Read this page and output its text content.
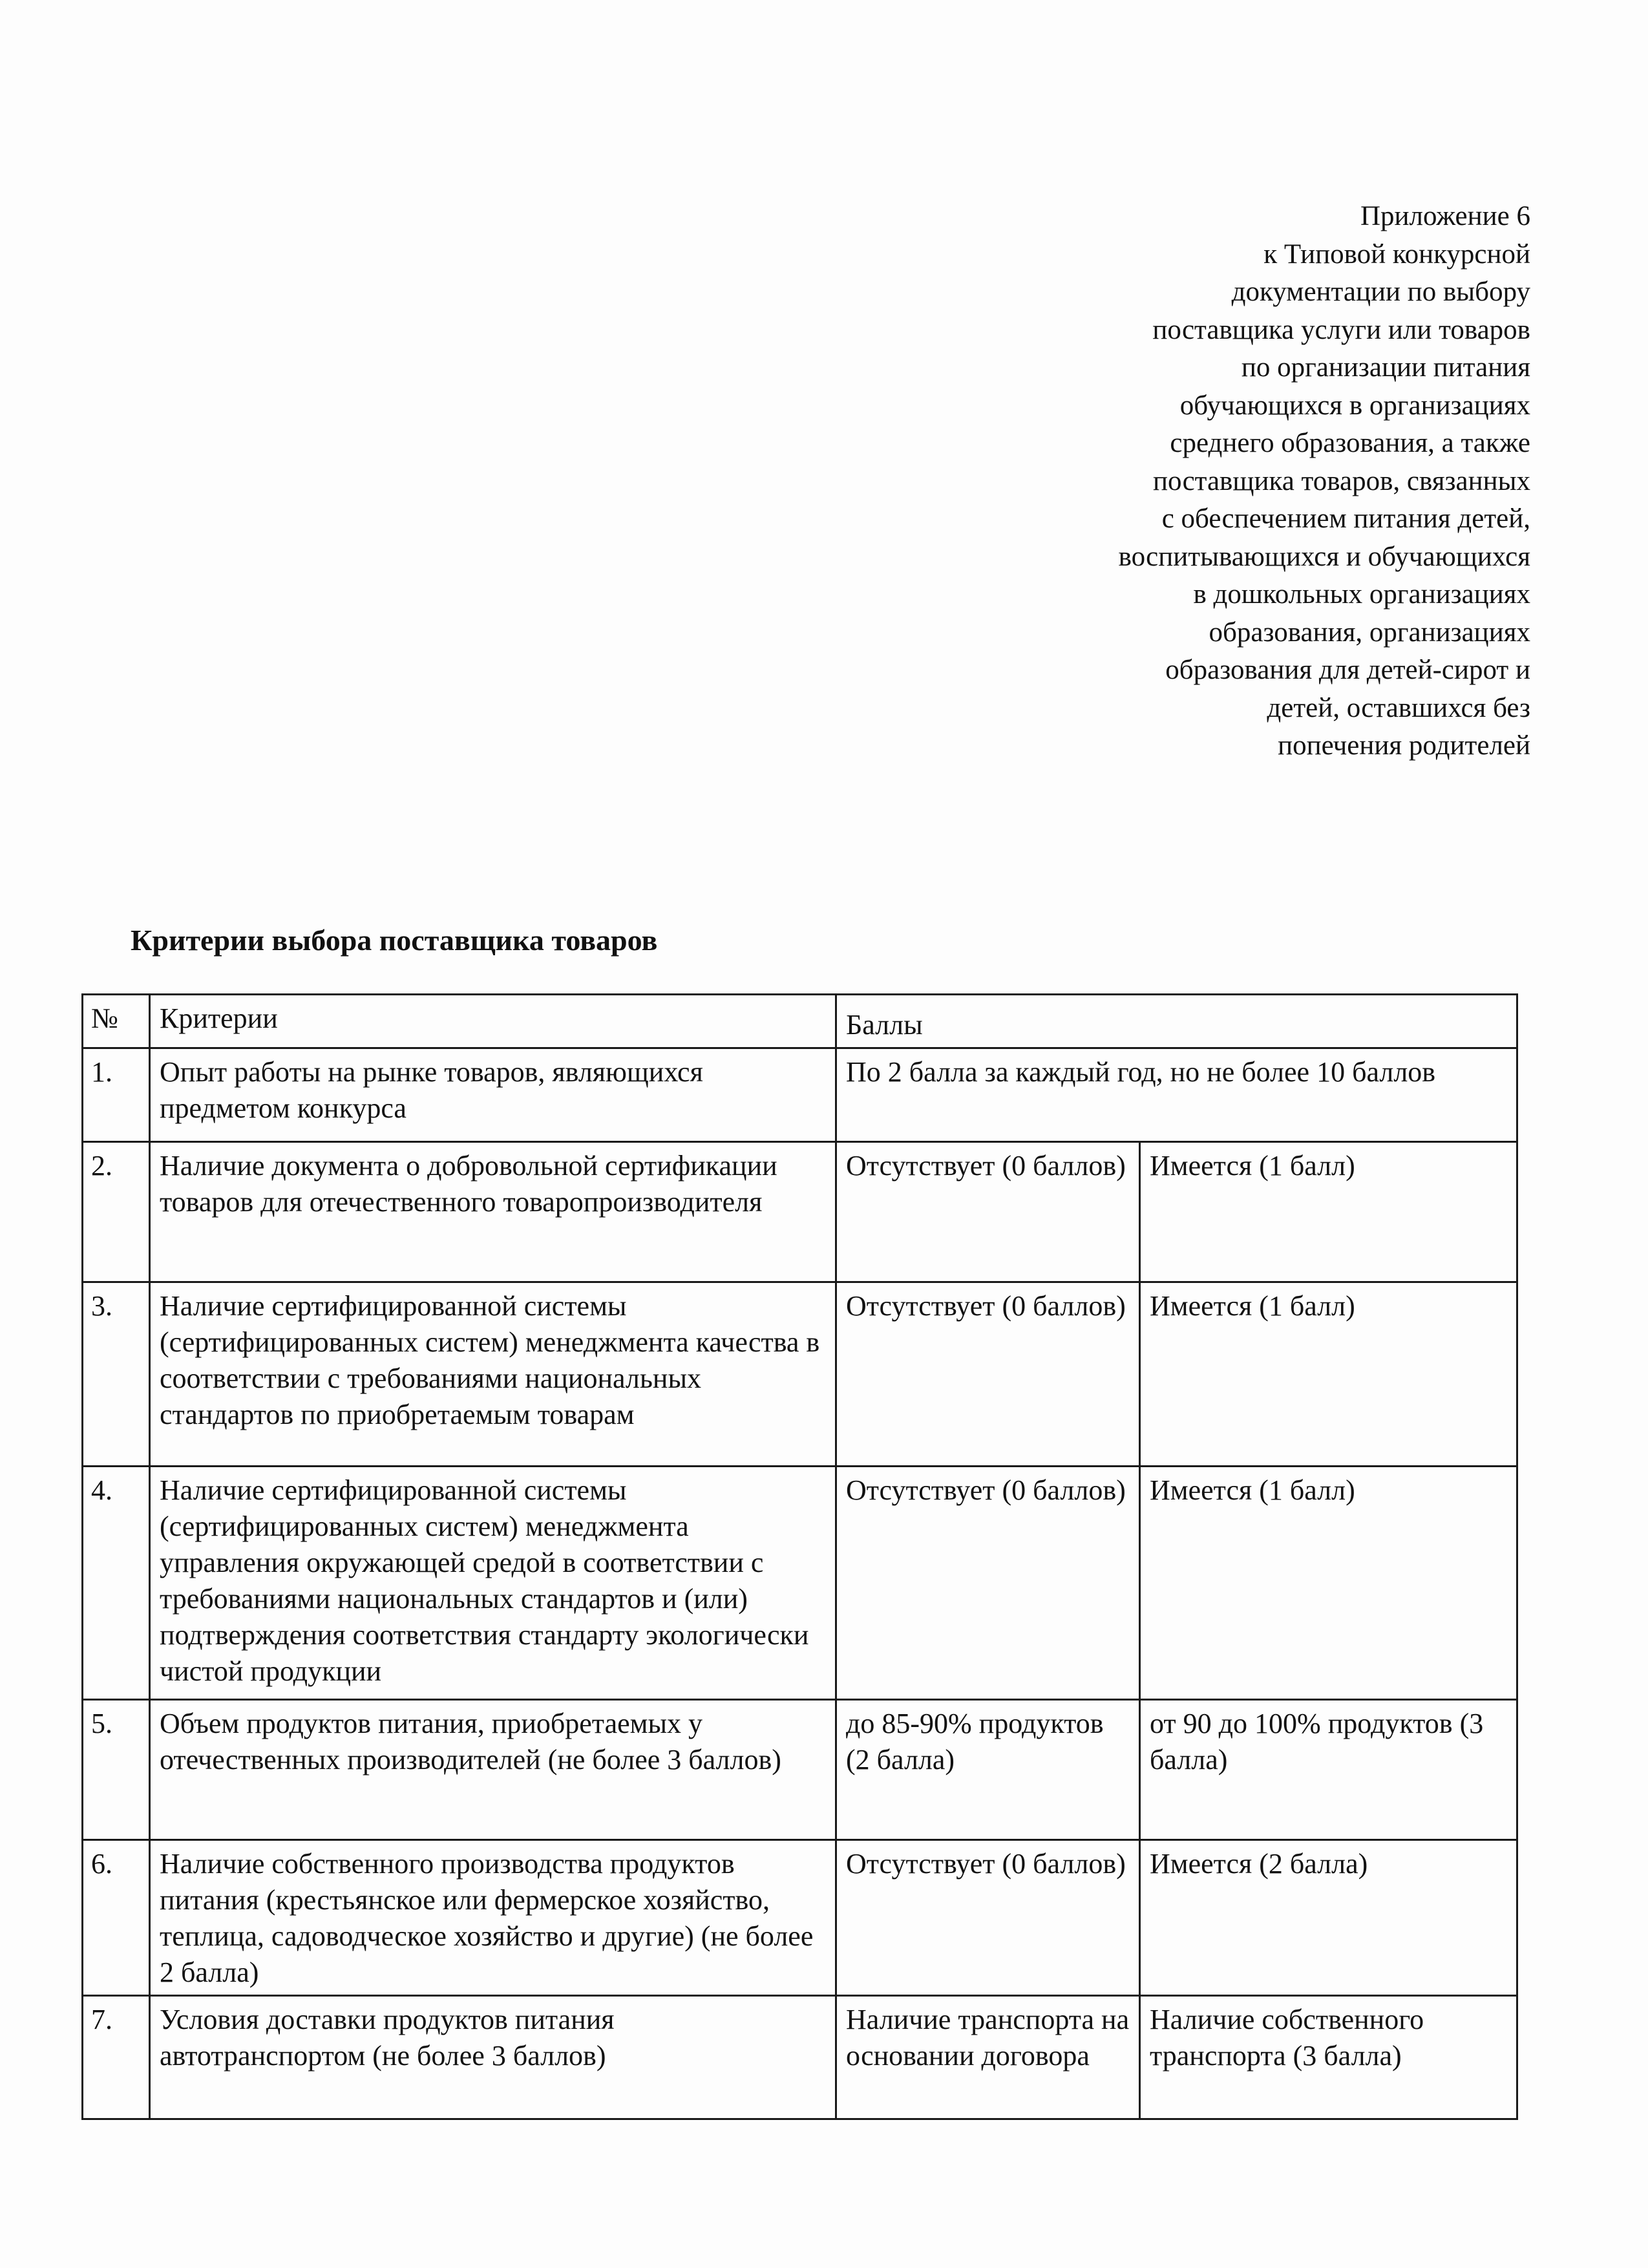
Приложение 6
к Типовой конкурсной
документации по выбору
поставщика услуги или товаров
по организации питания
обучающихся в организациях
среднего образования, а также
поставщика товаров, связанных
с обеспечением питания детей,
воспитывающихся и обучающихся
в дошкольных организациях
образования, организациях
образования для детей-сирот и
детей, оставшихся без
попечения родителей
Критерии выбора поставщика товаров
№	Критерии	Баллы	
1.	Опыт работы на рынке товаров, являющихся предметом конкурса	По 2 балла за каждый год, но не более 10 баллов	
2.	Наличие документа о добровольной сертификации товаров для отечественного товаропроизводителя	Отсутствует (0 баллов)	Имеется (1 балл)
3.	Наличие сертифицированной системы (сертифицированных систем) менеджмента качества в соответствии с требованиями национальных стандартов по приобретаемым товарам	Отсутствует (0 баллов)	Имеется (1 балл)
4.	Наличие сертифицированной системы (сертифицированных систем) менеджмента управления окружающей средой в соответствии с требованиями национальных стандартов и (или) подтверждения соответствия стандарту экологически чистой продукции	Отсутствует (0 баллов)	Имеется (1 балл)
5.	Объем продуктов питания, приобретаемых у отечественных производителей (не более 3 баллов)	до 85-90% продуктов (2 балла)	от 90 до 100% продуктов (3 балла)
6.	Наличие собственного производства продуктов питания (крестьянское или фермерское хозяйство, теплица, садоводческое хозяйство и другие) (не более 2 балла)	Отсутствует (0 баллов)	Имеется (2 балла)
7.	Условия доставки продуктов питания автотранспортом (не более 3 баллов)	Наличие транспорта на основании договора	Наличие собственного транспорта (3 балла)
